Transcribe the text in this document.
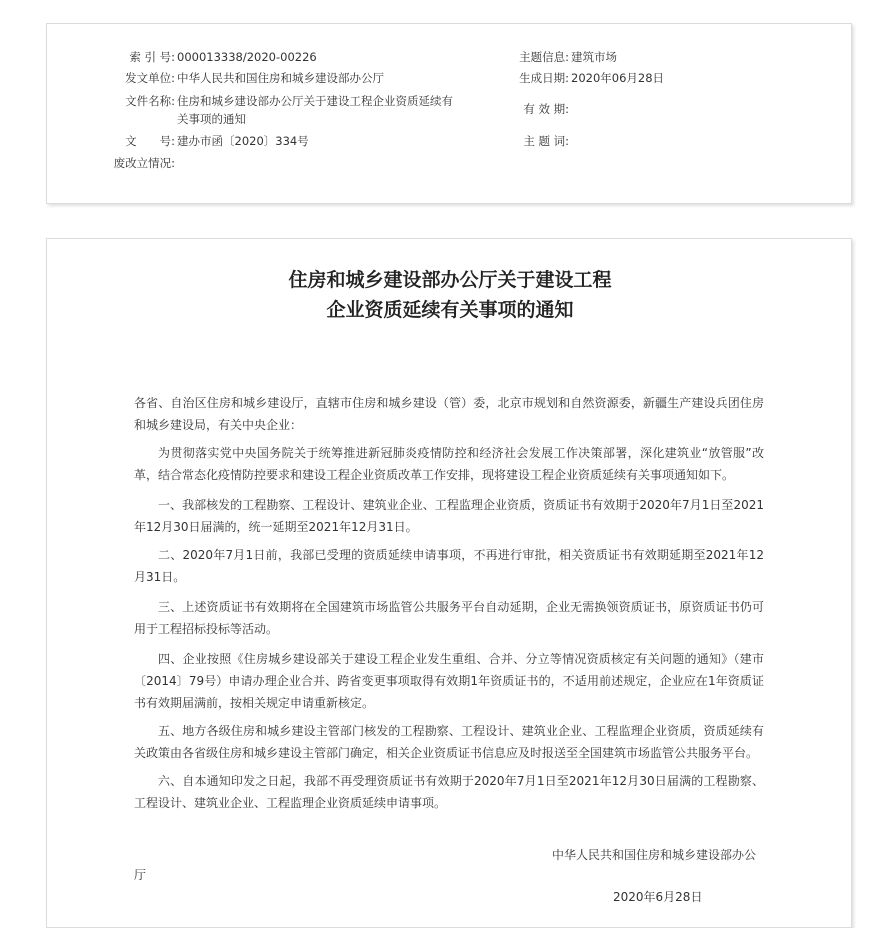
索 引 号: 000013338/2020-00226
发文单位: 中华人民共和国住房和城乡建设部办公厅
文件名称: 住房和城乡建设部办公厅关于建设工程企业资质延续有关事项的通知
文　　号: 建办市函〔2020〕334号
废改立情况:
主题信息: 建筑市场
生成日期: 2020年06月28日
有 效 期:
主 题 词:
住房和城乡建设部办公厅关于建设工程
企业资质延续有关事项的通知
各省、自治区住房和城乡建设厅，直辖市住房和城乡建设（管）委，北京市规划和自然资源委，新疆生产建设兵团住房和城乡建设局，有关中央企业：
为贯彻落实党中央国务院关于统筹推进新冠肺炎疫情防控和经济社会发展工作决策部署，深化建筑业“放管服”改革，结合常态化疫情防控要求和建设工程企业资质改革工作安排，现将建设工程企业资质延续有关事项通知如下。
一、我部核发的工程勘察、工程设计、建筑业企业、工程监理企业资质，资质证书有效期于2020年7月1日至2021年12月30日届满的，统一延期至2021年12月31日。
二、2020年7月1日前，我部已受理的资质延续申请事项，不再进行审批，相关资质证书有效期延期至2021年12月31日。
三、上述资质证书有效期将在全国建筑市场监管公共服务平台自动延期，企业无需换领资质证书，原资质证书仍可用于工程招标投标等活动。
四、企业按照《住房城乡建设部关于建设工程企业发生重组、合并、分立等情况资质核定有关问题的通知》（建市〔2014〕79号）申请办理企业合并、跨省变更事项取得有效期1年资质证书的，不适用前述规定，企业应在1年资质证书有效期届满前，按相关规定申请重新核定。
五、地方各级住房和城乡建设主管部门核发的工程勘察、工程设计、建筑业企业、工程监理企业资质，资质延续有关政策由各省级住房和城乡建设主管部门确定，相关企业资质证书信息应及时报送至全国建筑市场监管公共服务平台。
六、自本通知印发之日起，我部不再受理资质证书有效期于2020年7月1日至2021年12月30日届满的工程勘察、工程设计、建筑业企业、工程监理企业资质延续申请事项。
中华人民共和国住房和城乡建设部办公
厅
2020年6月28日
